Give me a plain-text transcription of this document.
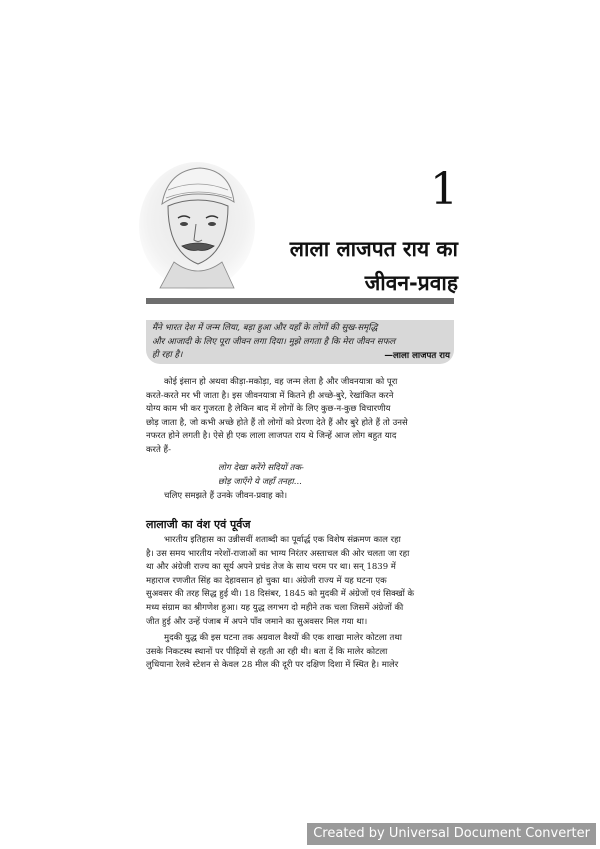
1
लाला लाजपत राय का
जीवन-प्रवाह
मैंने भारत देश में जन्म लिया, बड़ा हुआ और यहाँ के लोगों की सुख-समृद्धि
और आजादी के लिए पूरा जीवन लगा दिया। मुझे लगता है कि मेरा जीवन सफल
ही रहा है।	—लाला लाजपत राय
कोई इंसान हो अथवा कीड़ा-मकोड़ा, वह जन्म लेता है और जीवनयात्रा को पूरा
करते-करते मर भी जाता है। इस जीवनयात्रा में कितने ही अच्छे-बुरे, रेखांकित करने
योग्य काम भी कर गुजरता है लेकिन बाद में लोगों के लिए कुछ-न-कुछ विचारणीय
छोड़ जाता है, जो कभी अच्छे होते हैं तो लोगों को प्रेरणा देते हैं और बुरे होते हैं तो उनसे
नफरत होने लगती है। ऐसे ही एक लाला लाजपत राय थे जिन्हें आज लोग बहुत याद
करते हैं-
लोग देखा करेंगे सदियों तक-
छोड़ जाएँगे ये जहाँ तनहा...
चलिए समझते हैं उनके जीवन-प्रवाह को।
लालाजी का वंश एवं पूर्वज
भारतीय इतिहास का उन्नीसवीं शताब्दी का पूर्वार्द्ध एक विशेष संक्रमण काल रहा
है। उस समय भारतीय नरेशों-राजाओं का भाग्य निरंतर अस्ताचल की ओर चलता जा रहा
था और अंग्रेजी राज्य का सूर्य अपने प्रचंड तेज के साथ चरम पर था। सन् 1839 में
महाराज रणजीत सिंह का देहावसान हो चुका था। अंग्रेजी राज्य में यह घटना एक
सुअवसर की तरह सिद्ध हुई थी। 18 दिसंबर, 1845 को मुदकी में अंग्रेजों एवं सिक्खों के
मध्य संग्राम का श्रीगणेश हुआ। यह युद्ध लगभग दो महीने तक चला जिसमें अंग्रेजों की
जीत हुई और उन्हें पंजाब में अपने पाँव जमाने का सुअवसर मिल गया था।
मुदकी युद्ध की इस घटना तक अग्रवाल वैश्यों की एक शाखा मालेर कोटला तथा
उसके निकटस्थ स्थानों पर पीढ़ियों से रहती आ रही थी। बता दें कि मालेर कोटला
लुधियाना रेलवे स्टेशन से केवल 28 मील की दूरी पर दक्षिण दिशा में स्थित है। मालेर
Created by Universal Document Converter
